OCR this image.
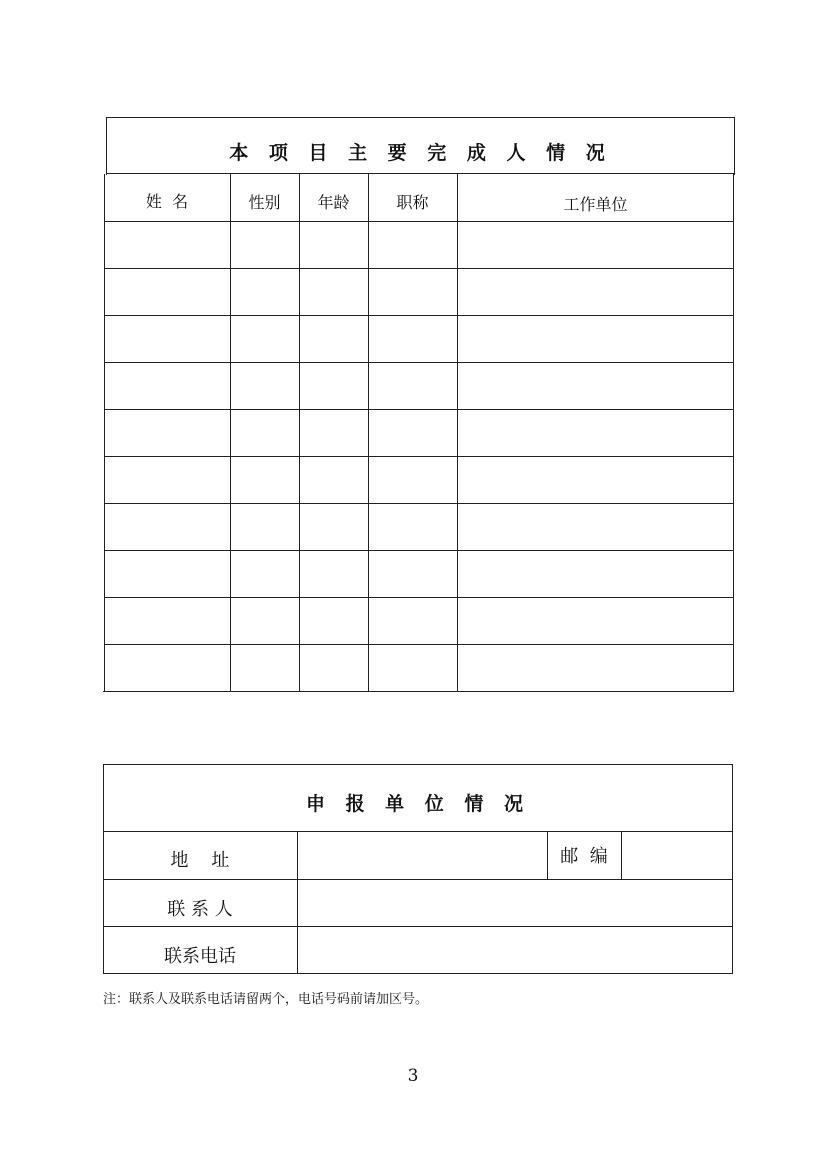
本 项 目 主 要 完 成 人 情 况
姓  名	性别	年龄	职称	工作单位
申 报 单 位 情 况
地    址	邮  编
联 系 人
联系电话
注：联系人及联系电话请留两个，电话号码前请加区号。
3
